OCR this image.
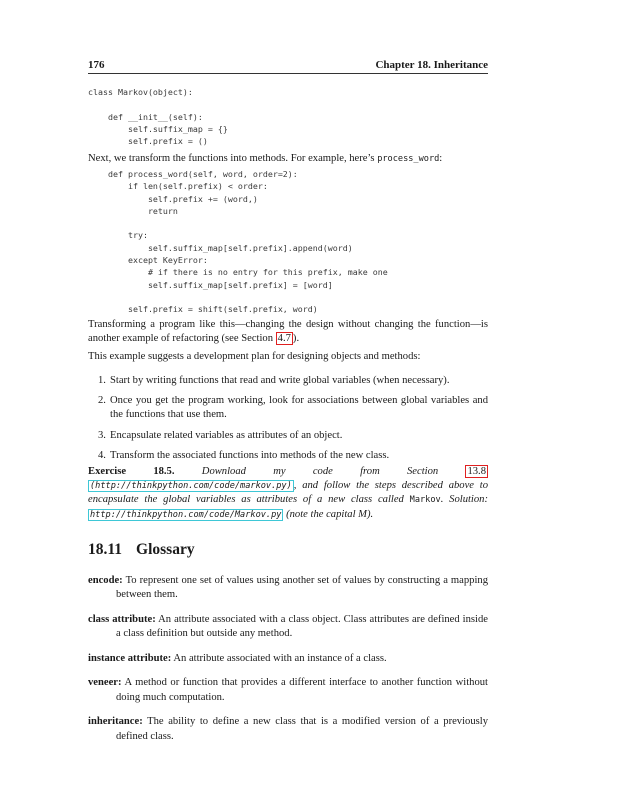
176	Chapter 18. Inheritance
class Markov(object):

def __init__(self):
self.suffix_map = {}
self.prefix = ()

Next, we transform the functions into methods. For example, here’s process_word:

def process_word(self, word, order=2):
if len(self.prefix) < order:
self.prefix += (word,)
return

try:
self.suffix_map[self.prefix].append(word)
except KeyError:
# if there is no entry for this prefix, make one
self.suffix_map[self.prefix] = [word]

self.prefix = shift(self.prefix, word)

Transforming a program like this—changing the design without changing the function—is another example of refactoring (see Section 4.7 ).

This example suggests a development plan for designing objects and methods:

1. Start by writing functions that read and write global variables (when necessary).
2. Once you get the program working, look for associations between global variables and the functions that use them.
3. Encapsulate related variables as attributes of an object.
4. Transform the associated functions into methods of the new class.

Exercise 18.5. Download my code from Section 13.8 (http://thinkpython.com/code/markov.py) , and follow the steps described above to encapsulate the global variables as attributes of a new class called Markov. Solution: http://thinkpython.com/code/Markov.py (note the capital M).

18.11 Glossary

encode: To represent one set of values using another set of values by constructing a mapping between them.

class attribute: An attribute associated with a class object. Class attributes are defined inside a class definition but outside any method.

instance attribute: An attribute associated with an instance of a class.

veneer: A method or function that provides a different interface to another function without doing much computation.

inheritance: The ability to define a new class that is a modified version of a previously defined class.
